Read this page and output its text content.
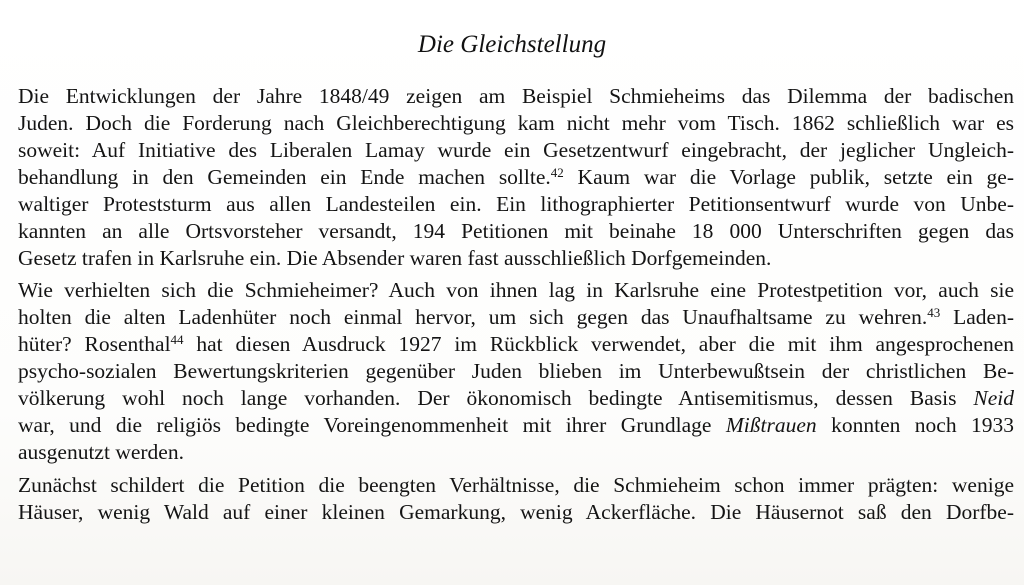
Die Gleichstellung
Die Entwicklungen der Jahre 1848/49 zeigen am Beispiel Schmieheims das Dilemma der badischen
Juden. Doch die Forderung nach Gleichberechtigung kam nicht mehr vom Tisch. 1862 schließlich war es
soweit: Auf Initiative des Liberalen Lamay wurde ein Gesetzentwurf eingebracht, der jeglicher Ungleich-
behandlung in den Gemeinden ein Ende machen sollte.$^{42}$ Kaum war die Vorlage publik, setzte ein ge-
waltiger Proteststurm aus allen Landesteilen ein. Ein lithographierter Petitionsentwurf wurde von Unbe-
kannten an alle Ortsvorsteher versandt, 194 Petitionen mit beinahe 18 000 Unterschriften gegen das
Gesetz trafen in Karlsruhe ein. Die Absender waren fast ausschließlich Dorfgemeinden.
Wie verhielten sich die Schmieheimer? Auch von ihnen lag in Karlsruhe eine Protestpetition vor, auch sie
holten die alten Ladenhüter noch einmal hervor, um sich gegen das Unaufhaltsame zu wehren.$^{43}$ Laden-
hüter? Rosenthal$^{44}$ hat diesen Ausdruck 1927 im Rückblick verwendet, aber die mit ihm angesprochenen
psycho-sozialen Bewertungskriterien gegenüber Juden blieben im Unterbewußtsein der christlichen Be-
völkerung wohl noch lange vorhanden. Der ökonomisch bedingte Antisemitismus, dessen Basis Neid
war, und die religiös bedingte Voreingenommenheit mit ihrer Grundlage Mißtrauen konnten noch 1933
ausgenutzt werden.
Zunächst schildert die Petition die beengten Verhältnisse, die Schmieheim schon immer prägten: wenige
Häuser, wenig Wald auf einer kleinen Gemarkung, wenig Ackerfläche. Die Häusernot saß den Dorfbe-
